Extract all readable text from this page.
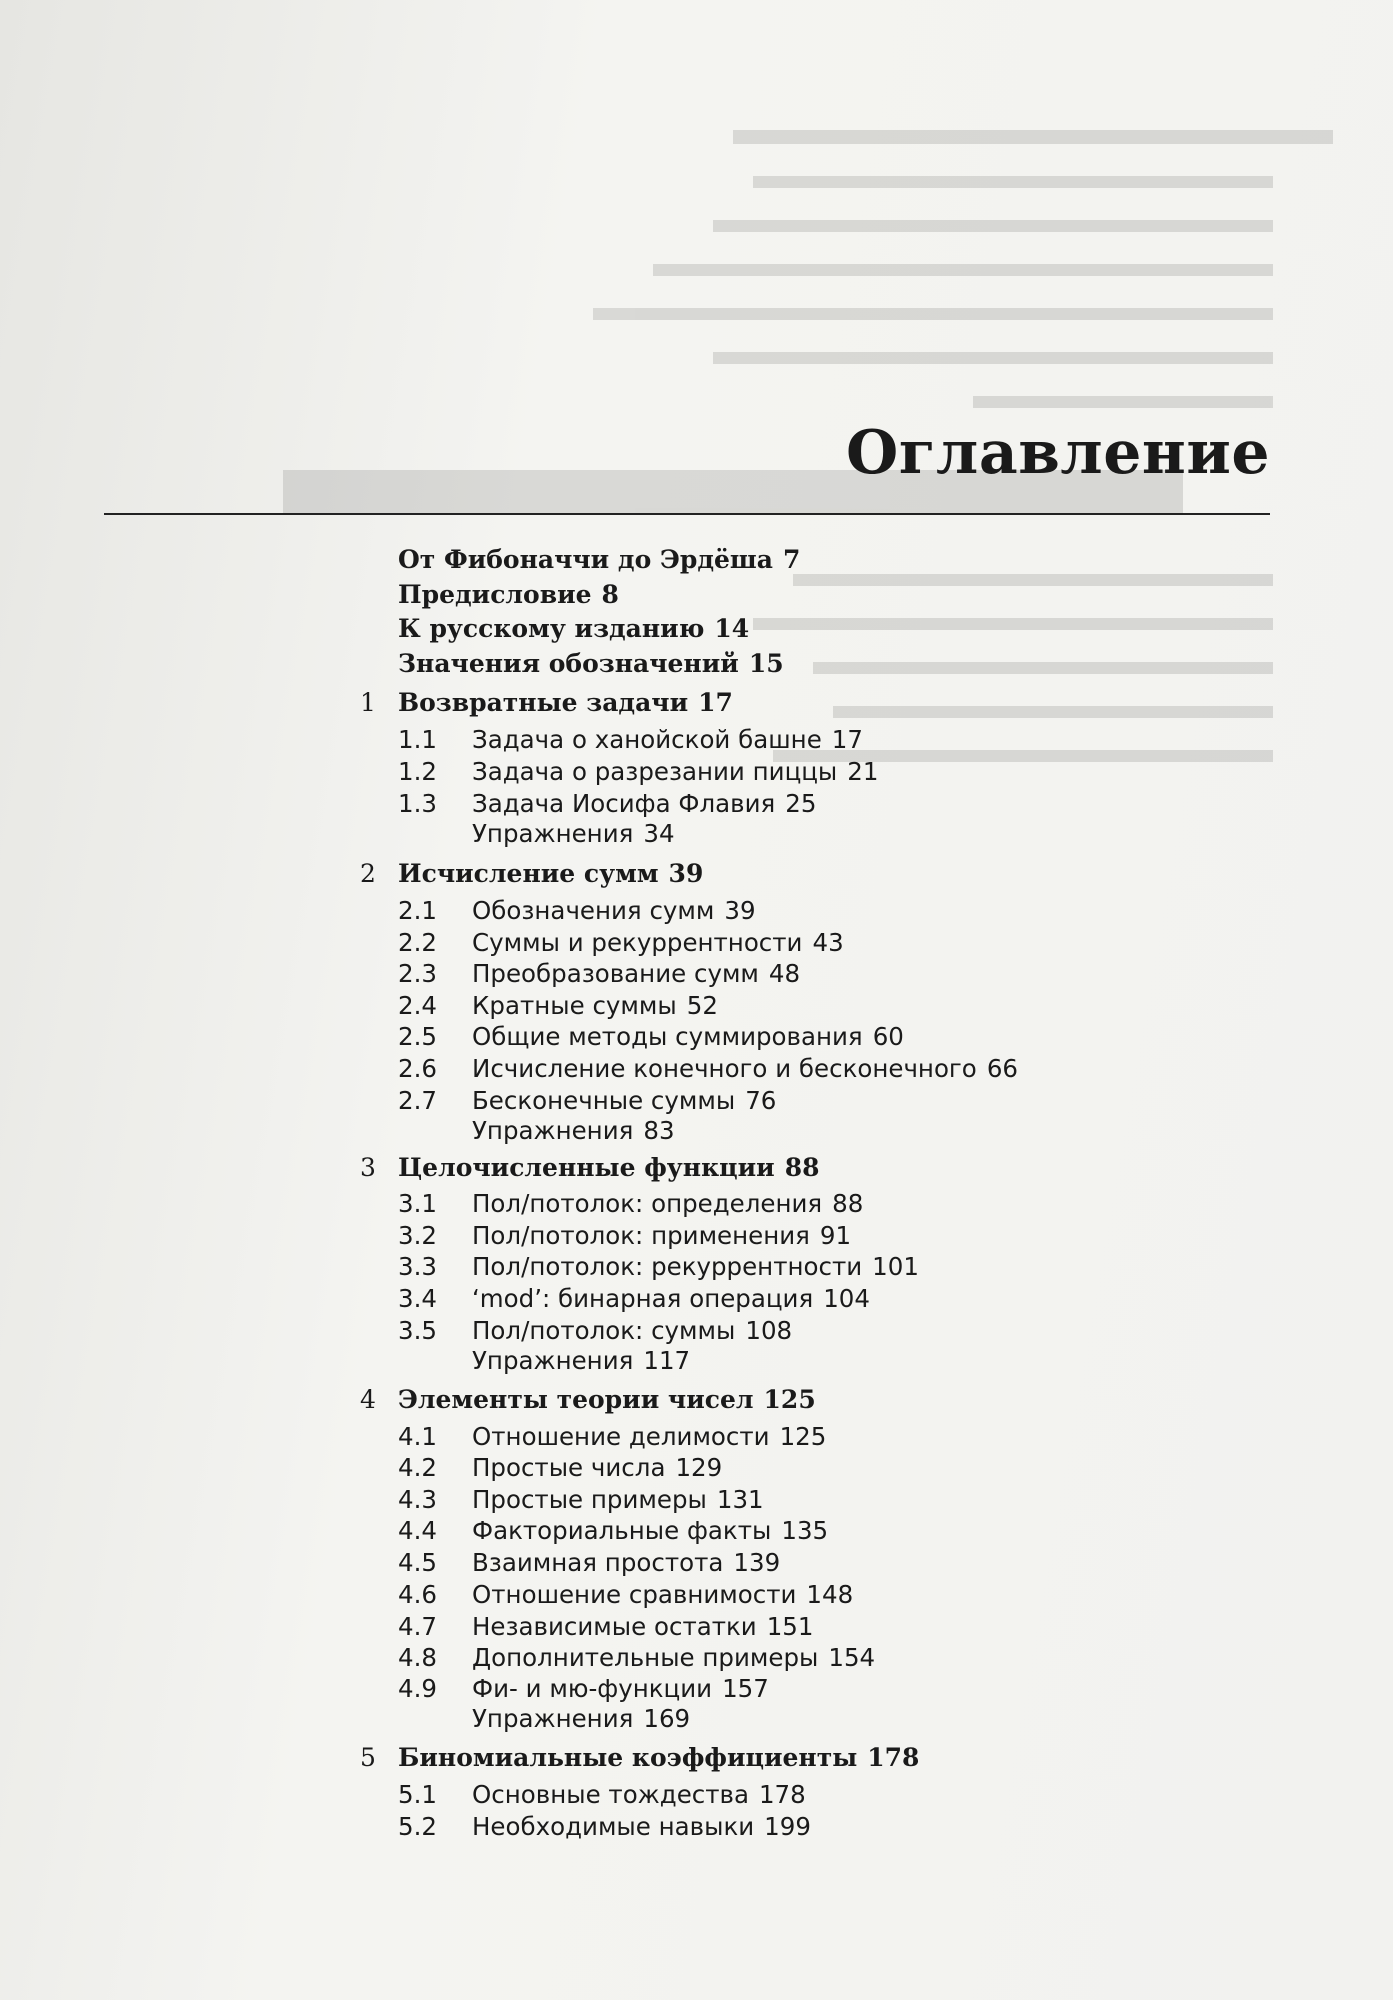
Оглавление
От Фибоначчи до Эрдёша 7
Предисловие 8
К русскому изданию 14
Значения обозначений 15
1 Возвратные задачи 17
1.1 Задача о ханойской башне 17
1.2 Задача о разрезании пиццы 21
1.3 Задача Иосифа Флавия 25
Упражнения 34
2 Исчисление сумм 39
2.1 Обозначения сумм 39
2.2 Суммы и рекуррентности 43
2.3 Преобразование сумм 48
2.4 Кратные суммы 52
2.5 Общие методы суммирования 60
2.6 Исчисление конечного и бесконечного 66
2.7 Бесконечные суммы 76
Упражнения 83
3 Целочисленные функции 88
3.1 Пол/потолок: определения 88
3.2 Пол/потолок: применения 91
3.3 Пол/потолок: рекуррентности 101
3.4 ‘mod’: бинарная операция 104
3.5 Пол/потолок: суммы 108
Упражнения 117
4 Элементы теории чисел 125
4.1 Отношение делимости 125
4.2 Простые числа 129
4.3 Простые примеры 131
4.4 Факториальные факты 135
4.5 Взаимная простота 139
4.6 Отношение сравнимости 148
4.7 Независимые остатки 151
4.8 Дополнительные примеры 154
4.9 Фи- и мю-функции 157
Упражнения 169
5 Биномиальные коэффициенты 178
5.1 Основные тождества 178
5.2 Необходимые навыки 199
